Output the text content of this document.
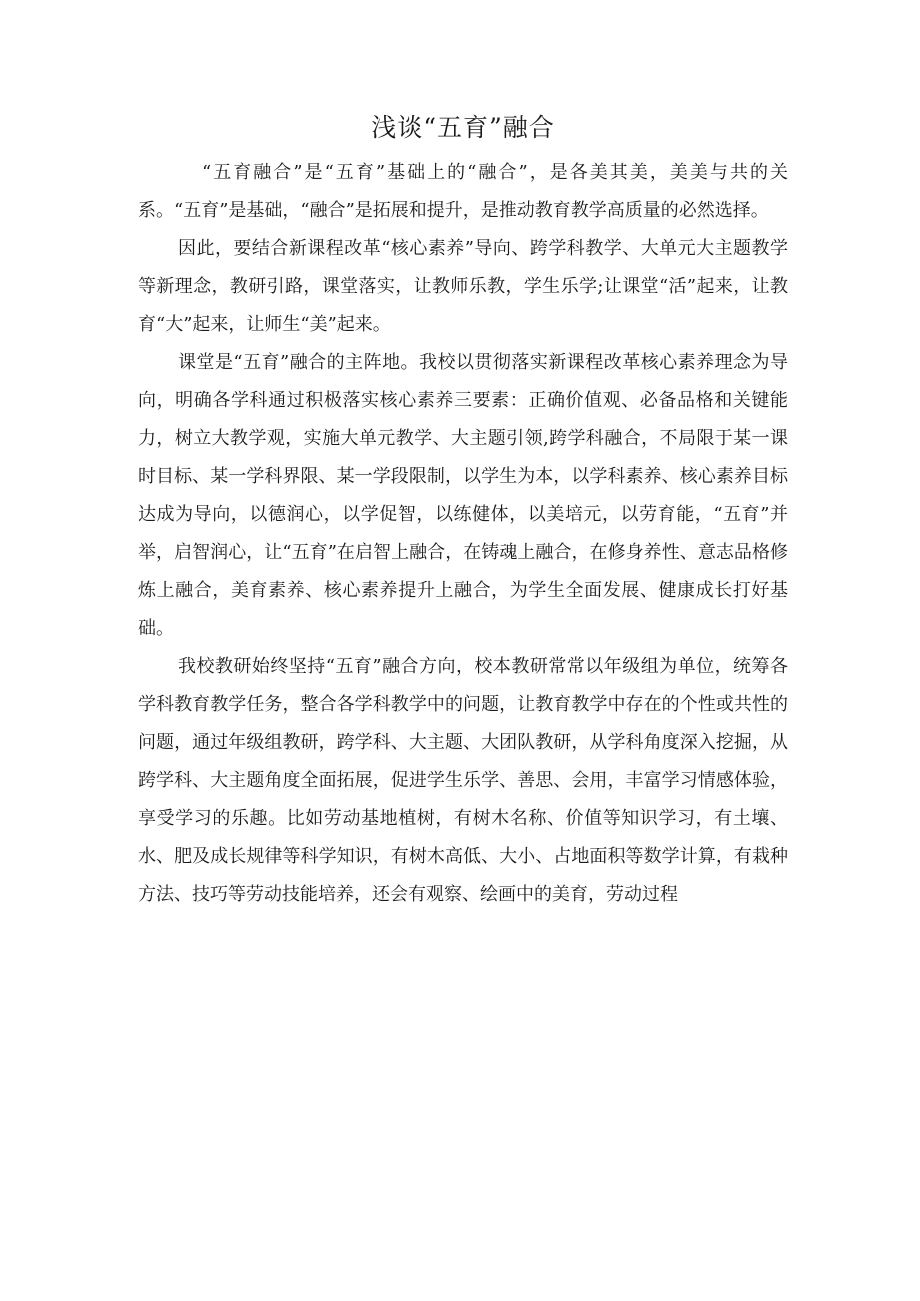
浅谈“五育”融合

“五育融合”是“五育”基础上的“融合”，是各美其美，美美与共的关系。“五育”是基础，“融合”是拓展和提升，是推动教育教学高质量的必然选择。

因此，要结合新课程改革“核心素养”导向、跨学科教学、大单元大主题教学等新理念，教研引路，课堂落实，让教师乐教，学生乐学;让课堂“活”起来，让教育“大”起来，让师生“美”起来。

课堂是“五育”融合的主阵地。我校以贯彻落实新课程改革核心素养理念为导向，明确各学科通过积极落实核心素养三要素：正确价值观、必备品格和关键能力，树立大教学观，实施大单元教学、大主题引领,跨学科融合，不局限于某一课时目标、某一学科界限、某一学段限制，以学生为本，以学科素养、核心素养目标达成为导向，以德润心，以学促智，以练健体，以美培元，以劳育能，“五育”并举，启智润心，让“五育”在启智上融合，在铸魂上融合，在修身养性、意志品格修炼上融合，美育素养、核心素养提升上融合，为学生全面发展、健康成长打好基础。

我校教研始终坚持“五育”融合方向，校本教研常常以年级组为单位，统筹各学科教育教学任务，整合各学科教学中的问题，让教育教学中存在的个性或共性的问题，通过年级组教研，跨学科、大主题、大团队教研，从学科角度深入挖掘，从跨学科、大主题角度全面拓展，促进学生乐学、善思、会用，丰富学习情感体验，享受学习的乐趣。比如劳动基地植树，有树木名称、价值等知识学习，有土壤、水、肥及成长规律等科学知识，有树木高低、大小、占地面积等数学计算，有栽种方法、技巧等劳动技能培养，还会有观察、绘画中的美育，劳动过程
